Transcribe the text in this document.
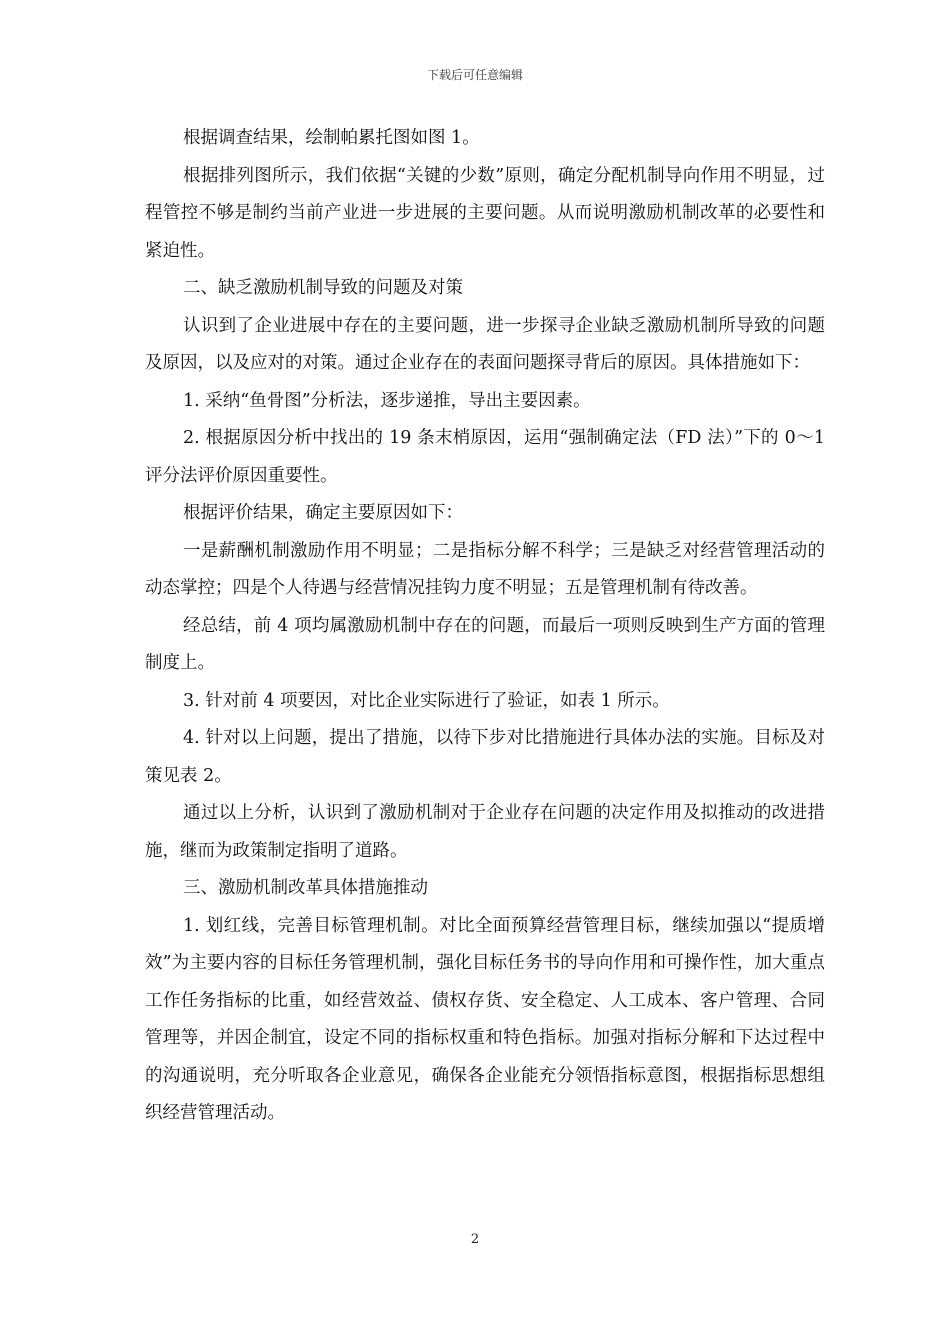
下载后可任意编辑

根据调查结果，绘制帕累托图如图 1。

根据排列图所示，我们依据“关键的少数”原则，确定分配机制导向作用不明显，过程管控不够是制约当前产业进一步进展的主要问题。从而说明激励机制改革的必要性和紧迫性。

二、缺乏激励机制导致的问题及对策

认识到了企业进展中存在的主要问题，进一步探寻企业缺乏激励机制所导致的问题及原因，以及应对的对策。通过企业存在的表面问题探寻背后的原因。具体措施如下：

1. 采纳“鱼骨图”分析法，逐步递推，导出主要因素。

2. 根据原因分析中找出的 19 条末梢原因，运用“强制确定法（FD 法）”下的 0～1 评分法评价原因重要性。

根据评价结果，确定主要原因如下：

一是薪酬机制激励作用不明显；二是指标分解不科学；三是缺乏对经营管理活动的动态掌控；四是个人待遇与经营情况挂钩力度不明显；五是管理机制有待改善。

经总结，前 4 项均属激励机制中存在的问题，而最后一项则反映到生产方面的管理制度上。

3. 针对前 4 项要因，对比企业实际进行了验证，如表 1 所示。

4. 针对以上问题，提出了措施，以待下步对比措施进行具体办法的实施。目标及对策见表 2。

通过以上分析，认识到了激励机制对于企业存在问题的决定作用及拟推动的改进措施，继而为政策制定指明了道路。

三、激励机制改革具体措施推动

1. 划红线，完善目标管理机制。对比全面预算经营管理目标，继续加强以“提质增效”为主要内容的目标任务管理机制，强化目标任务书的导向作用和可操作性，加大重点工作任务指标的比重，如经营效益、债权存货、安全稳定、人工成本、客户管理、合同管理等，并因企制宜，设定不同的指标权重和特色指标。加强对指标分解和下达过程中的沟通说明，充分听取各企业意见，确保各企业能充分领悟指标意图，根据指标思想组织经营管理活动。

2
